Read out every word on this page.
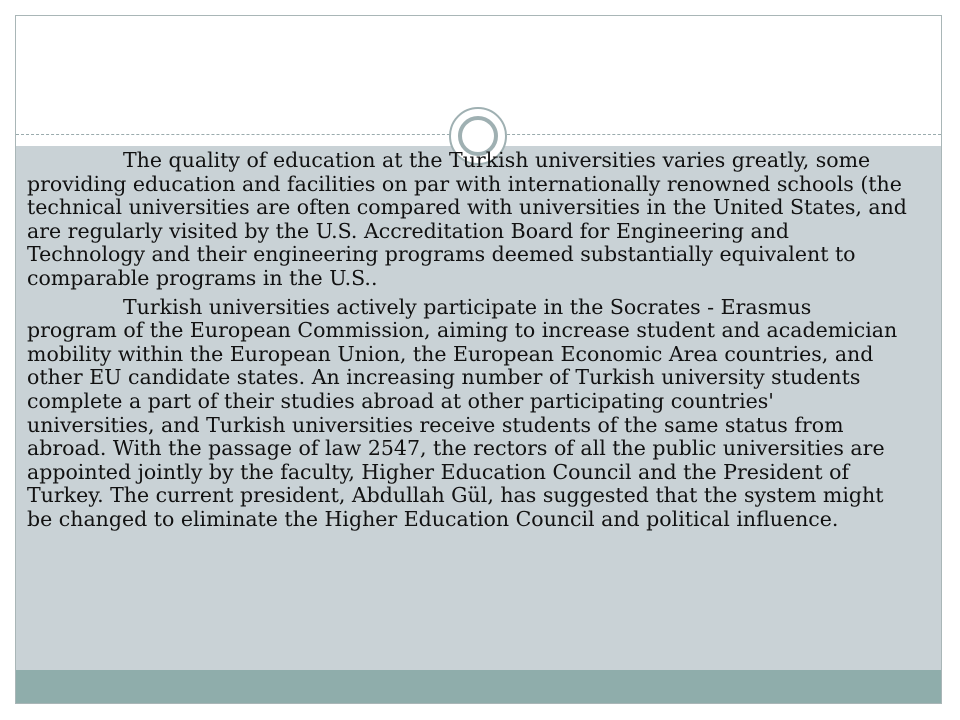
The quality of education at the Turkish universities varies greatly, some providing education and facilities on par with internationally renowned schools (the technical universities are often compared with universities in the United States, and are regularly visited by the U.S. Accreditation Board for Engineering and Technology and their engineering programs deemed substantially equivalent to comparable programs in the U.S..

Turkish universities actively participate in the Socrates - Erasmus program of the European Commission, aiming to increase student and academician mobility within the European Union, the European Economic Area countries, and other EU candidate states. An increasing number of Turkish university students complete a part of their studies abroad at other participating countries' universities, and Turkish universities receive students of the same status from abroad. With the passage of law 2547, the rectors of all the public universities are appointed jointly by the faculty, Higher Education Council and the President of Turkey. The current president, Abdullah Gül, has suggested that the system might be changed to eliminate the Higher Education Council and political influence.
